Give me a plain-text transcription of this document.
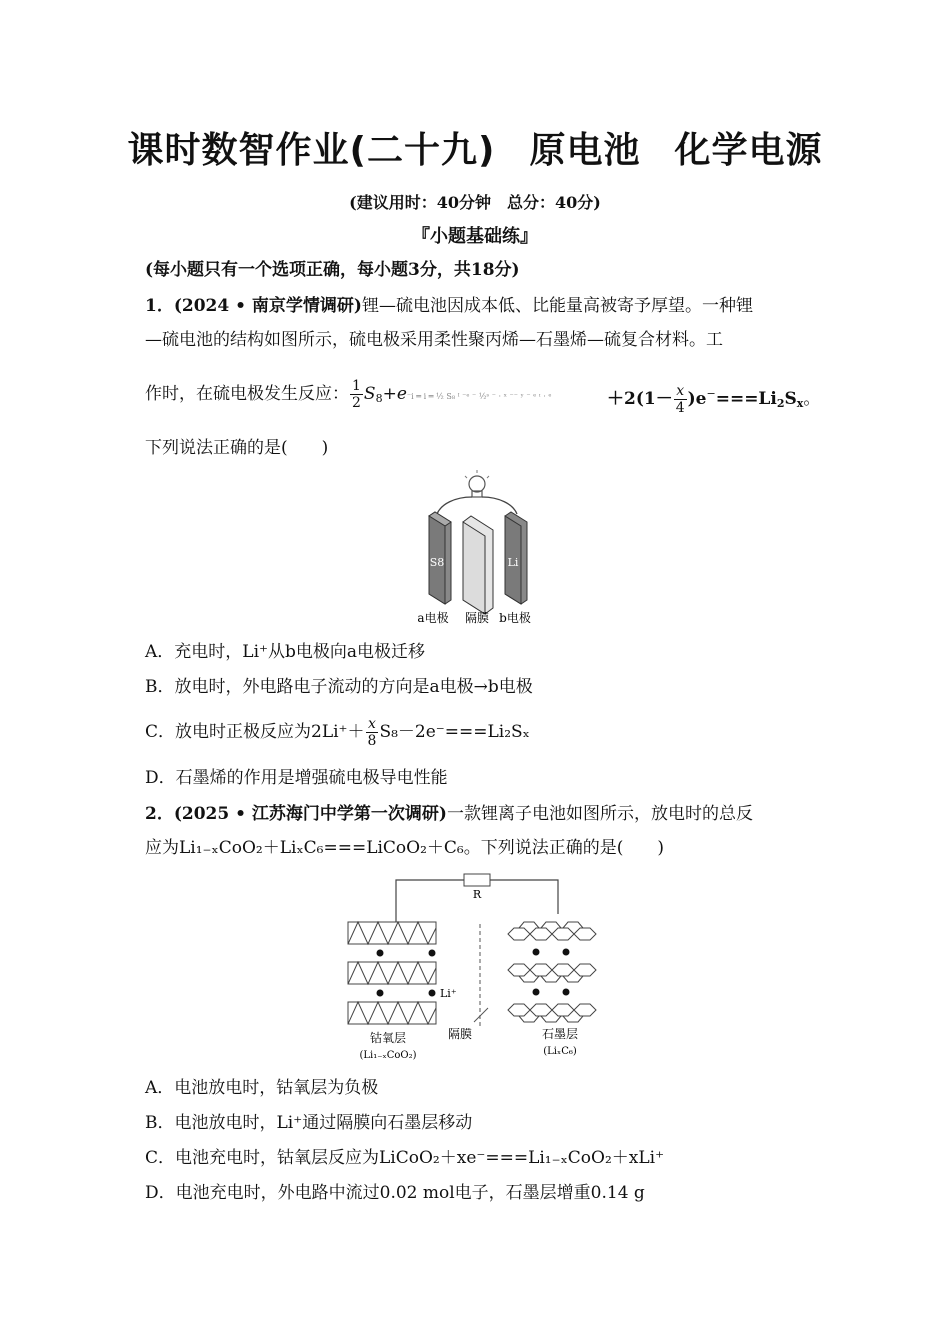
课时数智作业(二十九) 原电池 化学电源
(建议用时：40分钟　总分：40分)
『小题基础练』
(每小题只有一个选项正确，每小题3分，共18分)
1．(2024 • 南京学情调研)锂—硫电池因成本低、比能量高被寄予厚望。一种锂
—硫电池的结构如图所示，硫电极采用柔性聚丙烯—石墨烯—硫复合材料。工
作时，在硫电极发生反应： $\frac{1}{2} S_8+e^-i$ ═ i ═ ½ S₈ ᴵ ⁻ᵉ ⁻ ½ˢ ⁻ · ˣ ⁻⁻ ʸ ⁻ ᵉ ᶦ · ᵉ	$+2(1- \frac{x}{4} )e^-===Li_2S_x$。
下列说法正确的是(　　)
S8	Li
a电极 隔膜 b电极
A．充电时，Li⁺从b电极向a电极迁移
B．放电时，外电路电子流动的方向是a电极→b电极
C．放电时正极反应为$2Li^++ \frac{x}{8} S_8-2e^-===Li_2S_x$
D．石墨烯的作用是增强硫电极导电性能
2．(2025 • 江苏海门中学第一次调研)一款锂离子电池如图所示，放电时的总反
应为Li₁₋ₓCoO₂＋LiₓC₆===LiCoO₂＋C₆。下列说法正确的是(　　)
R
Li⁺
钴氧层
(Li₁₋ₓCoO₂)
隔膜	石墨层
(LiₓC₆)
A．电池放电时，钴氧层为负极
B．电池放电时，Li⁺通过隔膜向石墨层移动
C．电池充电时，钴氧层反应为LiCoO₂＋xe⁻===Li₁₋ₓCoO₂＋xLi⁺
D．电池充电时，外电路中流过0.02 mol电子，石墨层增重0.14 g
